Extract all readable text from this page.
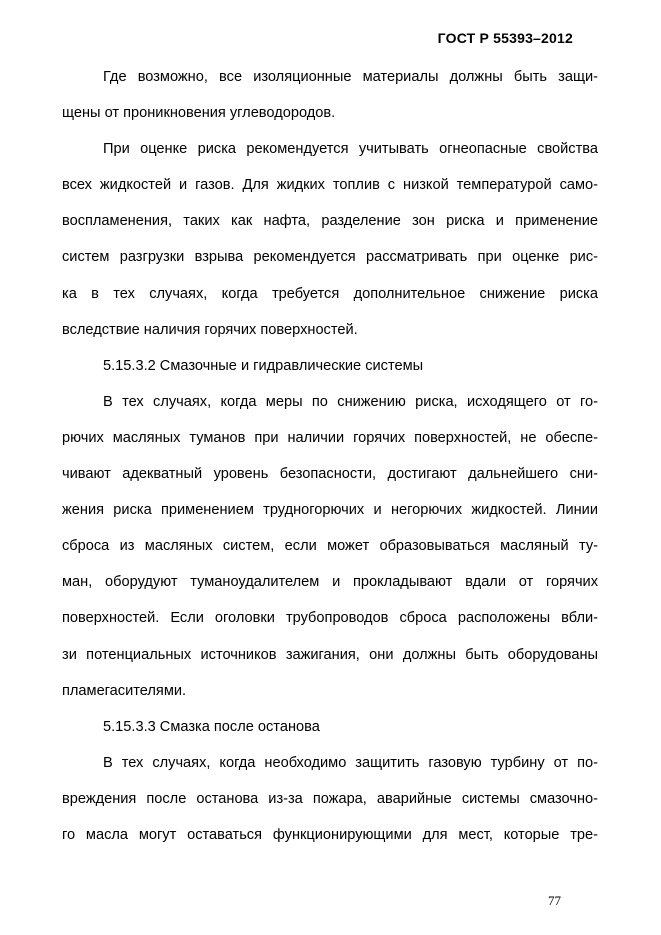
ГОСТ Р 55393–2012
Где возможно, все изоляционные материалы должны быть защи-
щены от проникновения углеводородов.
При оценке риска рекомендуется учитывать огнеопасные свойства
всех жидкостей и газов. Для жидких топлив с низкой температурой само-
воспламенения, таких как нафта, разделение зон риска и применение
систем разгрузки взрыва рекомендуется рассматривать при оценке рис-
ка в тех случаях, когда требуется дополнительное снижение риска
вследствие наличия горячих поверхностей.
5.15.3.2 Смазочные и гидравлические системы
В тех случаях, когда меры по снижению риска, исходящего от го-
рючих масляных туманов при наличии горячих поверхностей, не обеспе-
чивают адекватный уровень безопасности, достигают дальнейшего сни-
жения риска применением трудногорючих и негорючих жидкостей. Линии
сброса из масляных систем, если может образовываться масляный ту-
ман, оборудуют туманоудалителем и прокладывают вдали от горячих
поверхностей. Если оголовки трубопроводов сброса расположены вбли-
зи потенциальных источников зажигания, они должны быть оборудованы
пламегасителями.
5.15.3.3 Смазка после останова
В тех случаях, когда необходимо защитить газовую турбину от по-
вреждения после останова из-за пожара, аварийные системы смазочно-
го масла могут оставаться функционирующими для мест, которые тре-
77
